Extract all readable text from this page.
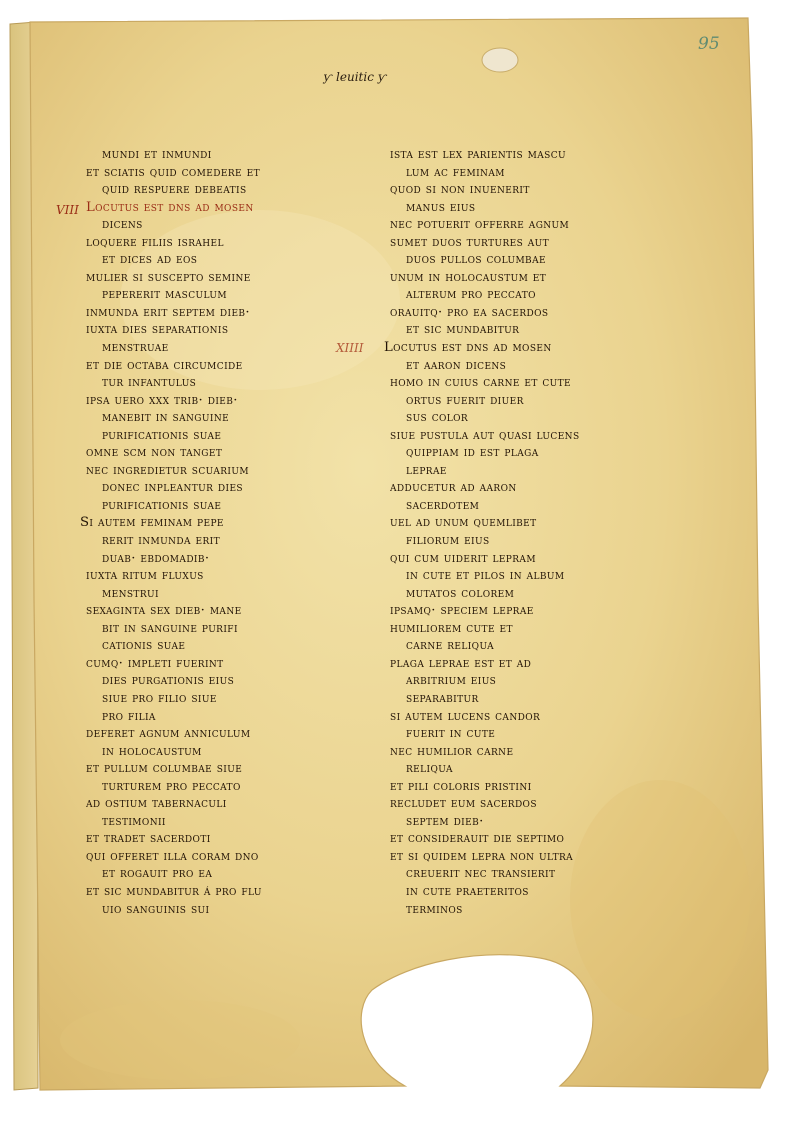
ƴ leuitic ƴ
95
VIII
XIIII
mundi et inmundi
et sciatis quid comedere et
quid respuere debeatis
Locutus est dns ad mosen
dicens
loquere filiis israhel
et dices ad eos
mulier si suscepto semine
pepererit masculum
inmunda erit septem dieb·
iuxta dies separationis
menstruae
et die octaba circumcide
tur infantulus
ipsa uero xxx trib· dieb·
manebit in sanguine
purificationis suae
omne scm non tanget
nec ingredietur scuarium
donec inpleantur dies
purificationis suae
Si autem feminam pepe
rerit inmunda erit
duab· ebdomadib·
iuxta ritum fluxus
menstrui
sexaginta sex dieb· mane
bit in sanguine purifi
cationis suae
cumq· impleti fuerint
dies purgationis eius
siue pro filio siue
pro filia
deferet agnum anniculum
in holocaustum
et pullum columbae siue
turturem pro peccato
ad ostium tabernaculi
testimonii
et tradet sacerdoti
qui offeret illa coram dno
et rogauit pro ea
et sic mundabitur á pro flu
uio sanguinis sui
ista est lex parientis mascu
lum ac feminam
quod si non inuenerit
manus eius
nec potuerit offerre agnum
sumet duos turtures aut
duos pullos columbae
unum in holocaustum et
alterum pro peccato
orauitq· pro ea sacerdos
et sic mundabitur
Locutus est dns ad mosen
et aaron dicens
homo in cuius carne et cute
ortus fuerit diuer
sus color
siue pustula aut quasi lucens
quippiam id est plaga
leprae
adducetur ad aaron
sacerdotem
uel ad unum quemlibet
filiorum eius
qui cum uiderit lepram
in cute et pilos in album
mutatos colorem
ipsamq· speciem leprae
humiliorem cute et
carne reliqua
plaga leprae est et ad
arbitrium eius
separabitur
si autem lucens candor
fuerit in cute
nec humilior carne
reliqua
et pili coloris pristini
recludet eum sacerdos
septem dieb·
et considerauit die septimo
et si quidem lepra non ultra
creuerit nec transierit
in cute praeteritos
terminos
